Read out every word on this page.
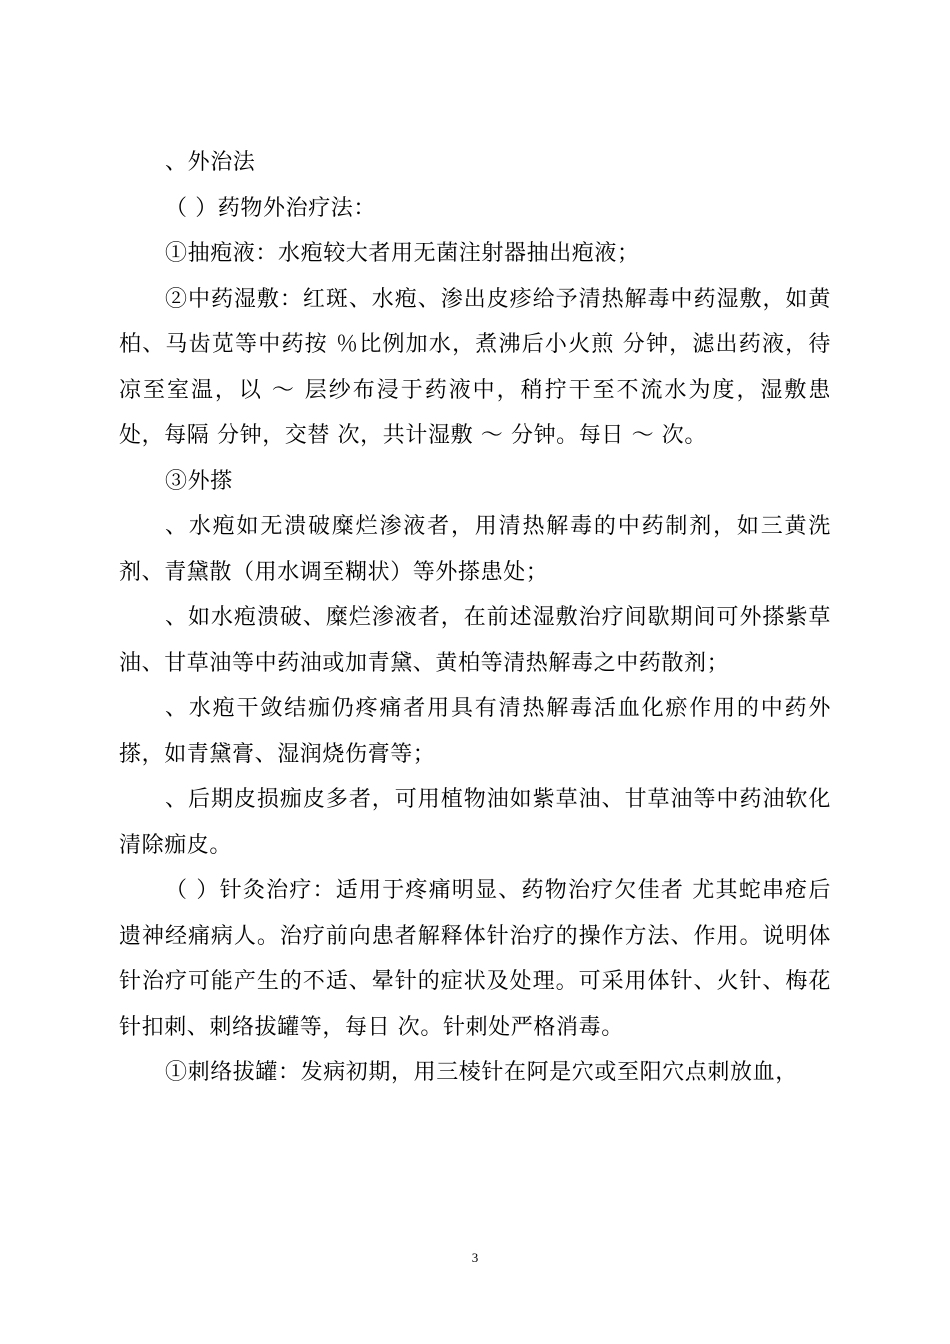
、外治法

（ ）药物外治疗法：

①抽疱液：水疱较大者用无菌注射器抽出疱液；

②中药湿敷：红斑、水疱、渗出皮疹给予清热解毒中药湿敷，如黄柏、马齿苋等中药按 ％比例加水，煮沸后小火煎 分钟，滤出药液，待凉至室温，以 ～ 层纱布浸于药液中，稍拧干至不流水为度，湿敷患处，每隔 分钟，交替 次，共计湿敷 ～ 分钟。每日 ～ 次。

③外搽

、水疱如无溃破糜烂渗液者，用清热解毒的中药制剂，如三黄洗剂、青黛散（用水调至糊状）等外搽患处；

、如水疱溃破、糜烂渗液者，在前述湿敷治疗间歇期间可外搽紫草油、甘草油等中药油或加青黛、黄柏等清热解毒之中药散剂；

、水疱干敛结痂仍疼痛者用具有清热解毒活血化瘀作用的中药外搽，如青黛膏、湿润烧伤膏等；

、后期皮损痂皮多者，可用植物油如紫草油、甘草油等中药油软化清除痂皮。

（ ）针灸治疗：适用于疼痛明显、药物治疗欠佳者 尤其蛇串疮后遗神经痛病人。治疗前向患者解释体针治疗的操作方法、作用。说明体针治疗可能产生的不适、晕针的症状及处理。可采用体针、火针、梅花针扣刺、刺络拔罐等，每日 次。针刺处严格消毒。

①刺络拔罐：发病初期，用三棱针在阿是穴或至阳穴点刺放血，

3
